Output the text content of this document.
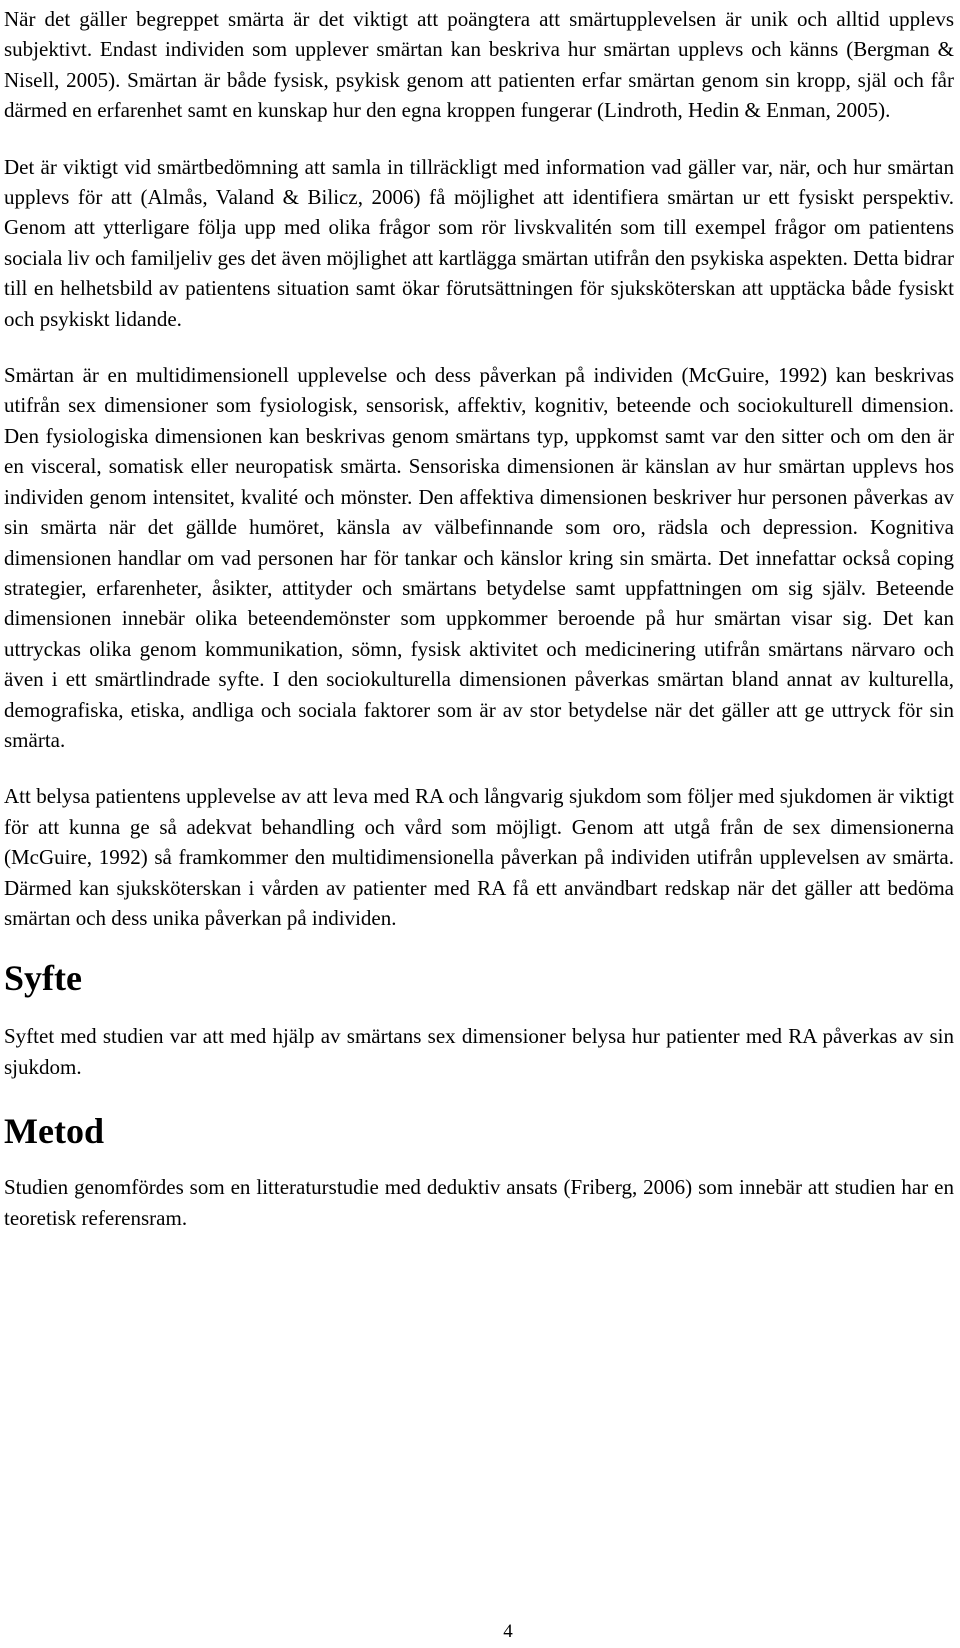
När det gäller begreppet smärta är det viktigt att poängtera att smärtupplevelsen är unik och alltid upplevs subjektivt. Endast individen som upplever smärtan kan beskriva hur smärtan upplevs och känns (Bergman & Nisell, 2005). Smärtan är både fysisk, psykisk genom att patienten erfar smärtan genom sin kropp, själ och får därmed en erfarenhet samt en kunskap hur den egna kroppen fungerar (Lindroth, Hedin & Enman, 2005).

Det är viktigt vid smärtbedömning att samla in tillräckligt med information vad gäller var, när, och hur smärtan upplevs för att (Almås, Valand & Bilicz, 2006) få möjlighet att identifiera smärtan ur ett fysiskt perspektiv. Genom att ytterligare följa upp med olika frågor som rör livskvalitén som till exempel frågor om patientens sociala liv och familjeliv ges det även möjlighet att kartlägga smärtan utifrån den psykiska aspekten. Detta bidrar till en helhetsbild av patientens situation samt ökar förutsättningen för sjuksköterskan att upptäcka både fysiskt och psykiskt lidande.

Smärtan är en multidimensionell upplevelse och dess påverkan på individen (McGuire, 1992) kan beskrivas utifrån sex dimensioner som fysiologisk, sensorisk, affektiv, kognitiv, beteende och sociokulturell dimension. Den fysiologiska dimensionen kan beskrivas genom smärtans typ, uppkomst samt var den sitter och om den är en visceral, somatisk eller neuropatisk smärta. Sensoriska dimensionen är känslan av hur smärtan upplevs hos individen genom intensitet, kvalité och mönster. Den affektiva dimensionen beskriver hur personen påverkas av sin smärta när det gällde humöret, känsla av välbefinnande som oro, rädsla och depression. Kognitiva dimensionen handlar om vad personen har för tankar och känslor kring sin smärta. Det innefattar också coping strategier, erfarenheter, åsikter, attityder och smärtans betydelse samt uppfattningen om sig själv. Beteende dimensionen innebär olika beteendemönster som uppkommer beroende på hur smärtan visar sig. Det kan uttryckas olika genom kommunikation, sömn, fysisk aktivitet och medicinering utifrån smärtans närvaro och även i ett smärtlindrade syfte. I den sociokulturella dimensionen påverkas smärtan bland annat av kulturella, demografiska, etiska, andliga och sociala faktorer som är av stor betydelse när det gäller att ge uttryck för sin smärta.

Att belysa patientens upplevelse av att leva med RA och långvarig sjukdom som följer med sjukdomen är viktigt för att kunna ge så adekvat behandling och vård som möjligt. Genom att utgå från de sex dimensionerna (McGuire, 1992) så framkommer den multidimensionella påverkan på individen utifrån upplevelsen av smärta. Därmed kan sjuksköterskan i vården av patienter med RA få ett användbart redskap när det gäller att bedöma smärtan och dess unika påverkan på individen.

Syfte

Syftet med studien var att med hjälp av smärtans sex dimensioner belysa hur patienter med RA påverkas av sin sjukdom.

Metod

Studien genomfördes som en litteraturstudie med deduktiv ansats (Friberg, 2006) som innebär att studien har en teoretisk referensram.

4
